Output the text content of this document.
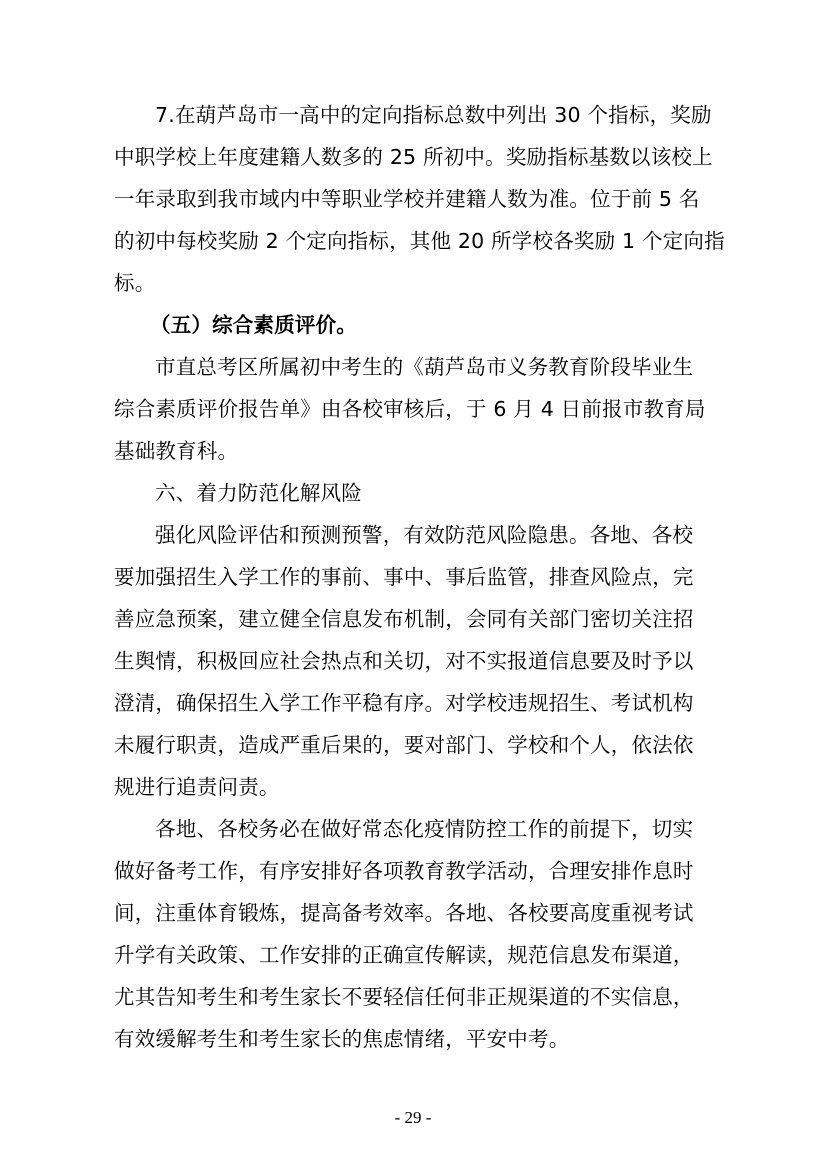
7.在葫芦岛市一高中的定向指标总数中列出 30 个指标，奖励
中职学校上年度建籍人数多的 25 所初中。奖励指标基数以该校上
一年录取到我市域内中等职业学校并建籍人数为准。位于前 5 名
的初中每校奖励 2 个定向指标，其他 20 所学校各奖励 1 个定向指
标。
（五）综合素质评价。
市直总考区所属初中考生的《葫芦岛市义务教育阶段毕业生
综合素质评价报告单》由各校审核后，于 6 月 4 日前报市教育局
基础教育科。
六、着力防范化解风险
强化风险评估和预测预警，有效防范风险隐患。各地、各校
要加强招生入学工作的事前、事中、事后监管，排查风险点，完
善应急预案，建立健全信息发布机制，会同有关部门密切关注招
生舆情，积极回应社会热点和关切，对不实报道信息要及时予以
澄清，确保招生入学工作平稳有序。对学校违规招生、考试机构
未履行职责，造成严重后果的，要对部门、学校和个人，依法依
规进行追责问责。
各地、各校务必在做好常态化疫情防控工作的前提下，切实
做好备考工作，有序安排好各项教育教学活动，合理安排作息时
间，注重体育锻炼，提高备考效率。各地、各校要高度重视考试
升学有关政策、工作安排的正确宣传解读，规范信息发布渠道，
尤其告知考生和考生家长不要轻信任何非正规渠道的不实信息，
有效缓解考生和考生家长的焦虑情绪，平安中考。
- 29 -
